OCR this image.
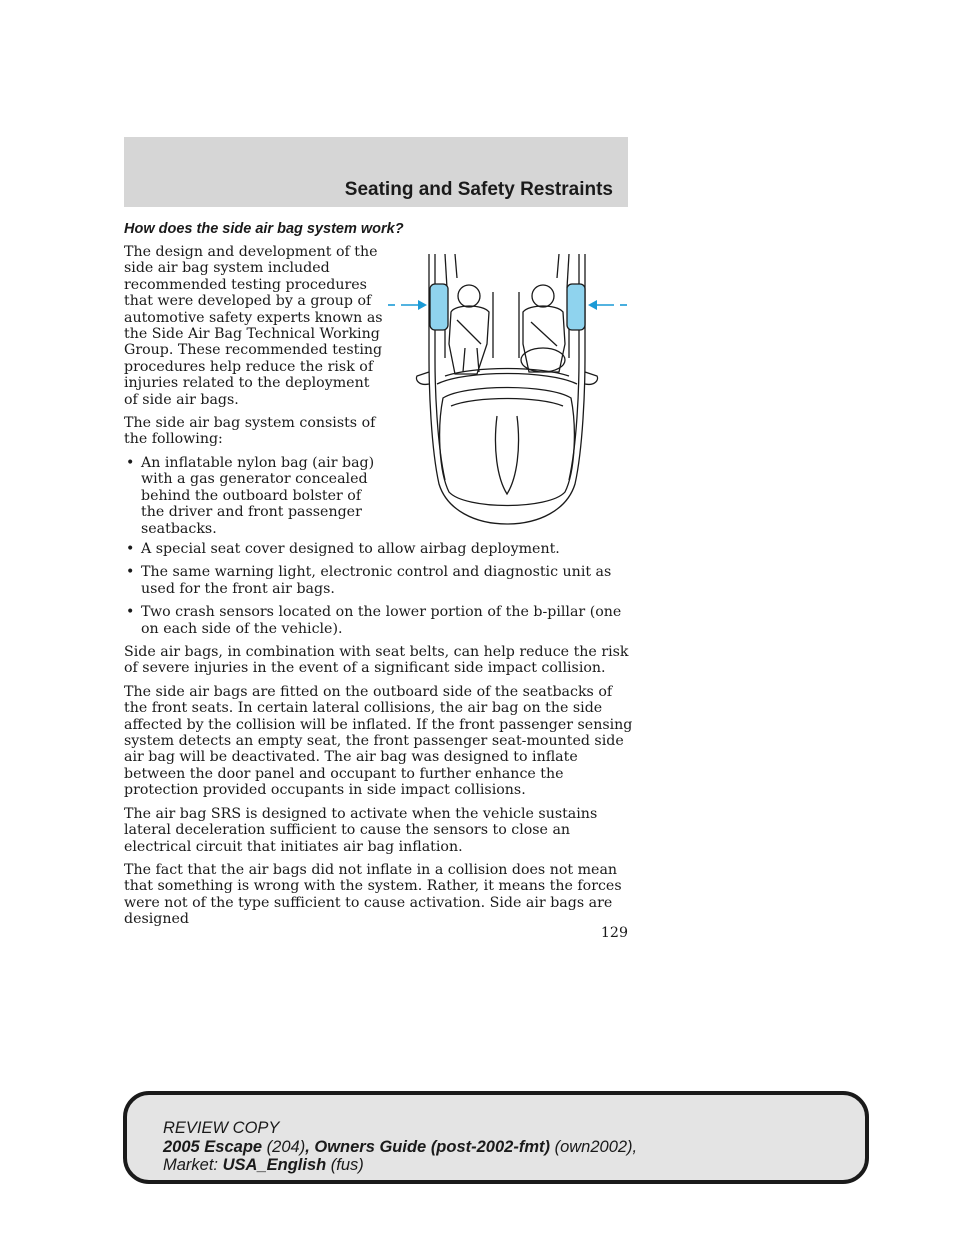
Seating and Safety Restraints
How does the side air bag system work?

The design and development of the side air bag system included recommended testing procedures that were developed by a group of automotive safety experts known as the Side Air Bag Technical Working Group. These recommended testing procedures help reduce the risk of injuries related to the deployment of side air bags.

The side air bag system consists of the following:

• An inflatable nylon bag (air bag) with a gas generator concealed behind the outboard bolster of the driver and front passenger seatbacks.
• A special seat cover designed to allow airbag deployment.
• The same warning light, electronic control and diagnostic unit as used for the front air bags.
• Two crash sensors located on the lower portion of the b-pillar (one on each side of the vehicle).

Side air bags, in combination with seat belts, can help reduce the risk of severe injuries in the event of a significant side impact collision.

The side air bags are fitted on the outboard side of the seatbacks of the front seats. In certain lateral collisions, the air bag on the side affected by the collision will be inflated. If the front passenger sensing system detects an empty seat, the front passenger seat-mounted side air bag will be deactivated. The air bag was designed to inflate between the door panel and occupant to further enhance the protection provided occupants in side impact collisions.

The air bag SRS is designed to activate when the vehicle sustains lateral deceleration sufficient to cause the sensors to close an electrical circuit that initiates air bag inflation.

The fact that the air bags did not inflate in a collision does not mean that something is wrong with the system. Rather, it means the forces were not of the type sufficient to cause activation. Side air bags are designed

129
REVIEW COPY
2005 Escape (204), Owners Guide (post-2002-fmt) (own2002),
Market: USA_English (fus)
